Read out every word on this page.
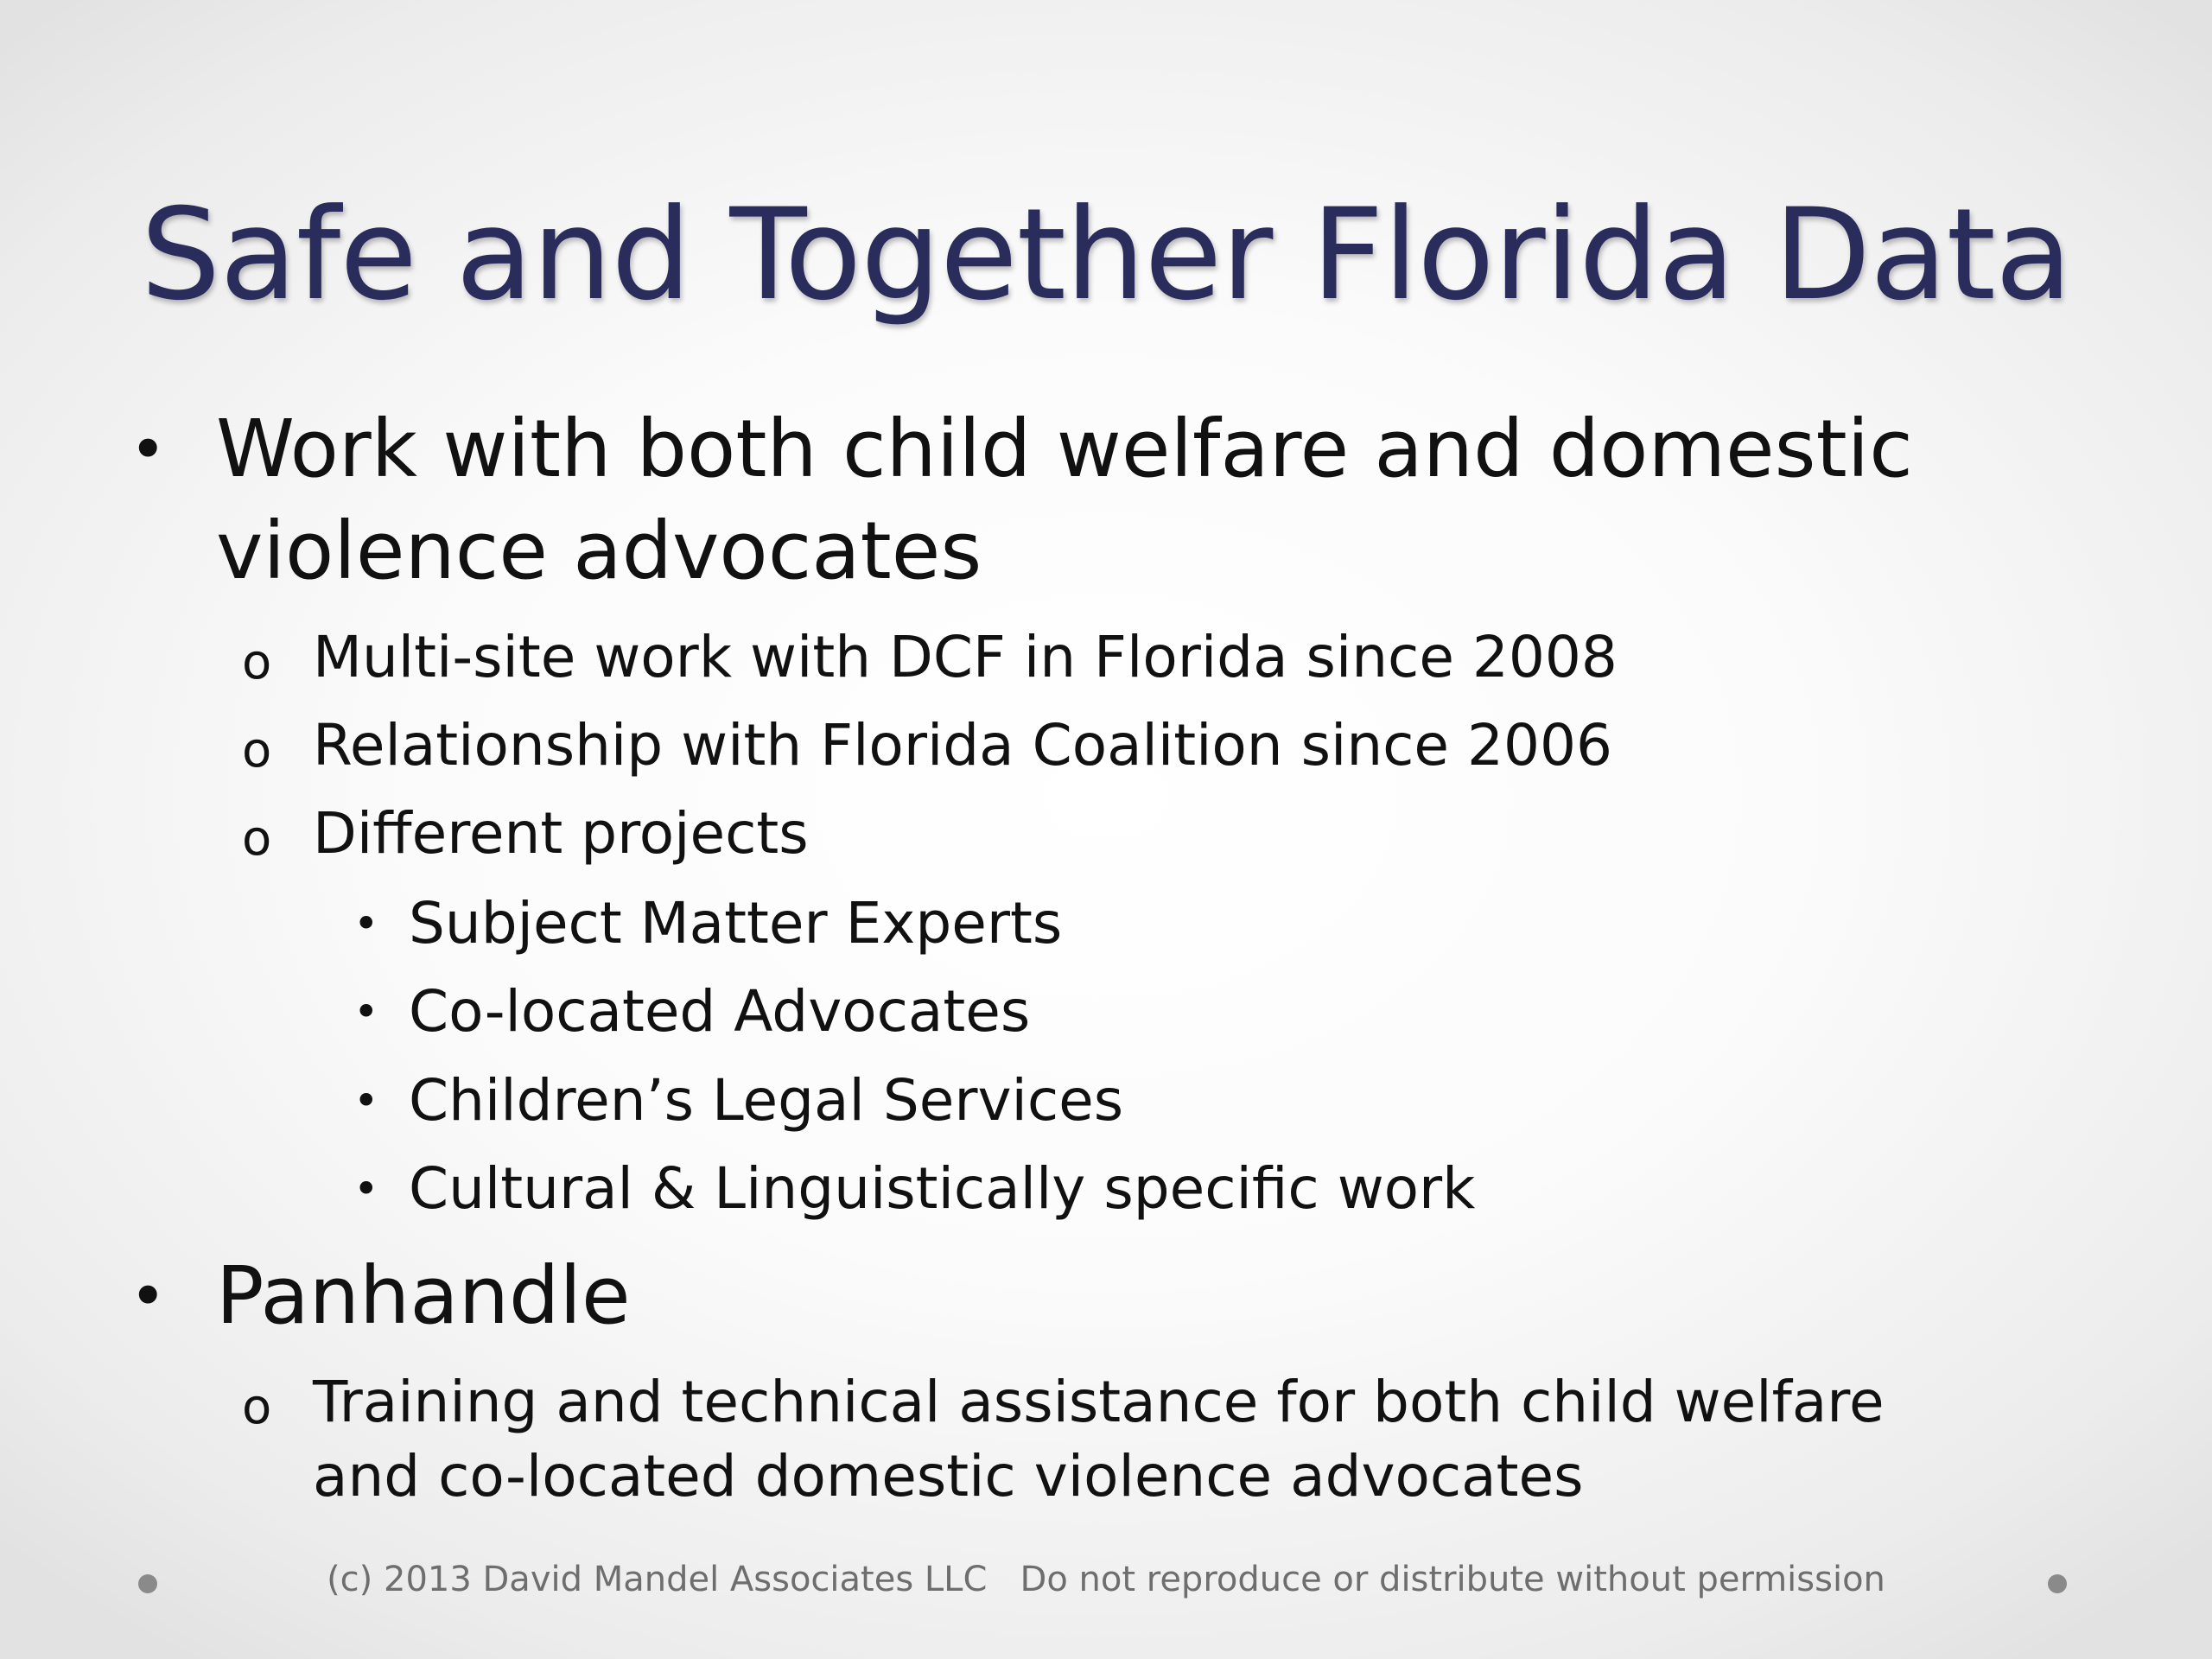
Safe and Together Florida Data
• Work with both child welfare and domestic
violence advocates
o Multi-site work with DCF in Florida since 2008
o Relationship with Florida Coalition since 2006
o Different projects
• Subject Matter Experts
• Co-located Advocates
• Children’s Legal Services
• Cultural & Linguistically specific work
• Panhandle
o Training and technical assistance for both child welfare
and co-located domestic violence advocates
(c) 2013 David Mandel Associates LLC   Do not reproduce or distribute without permission
